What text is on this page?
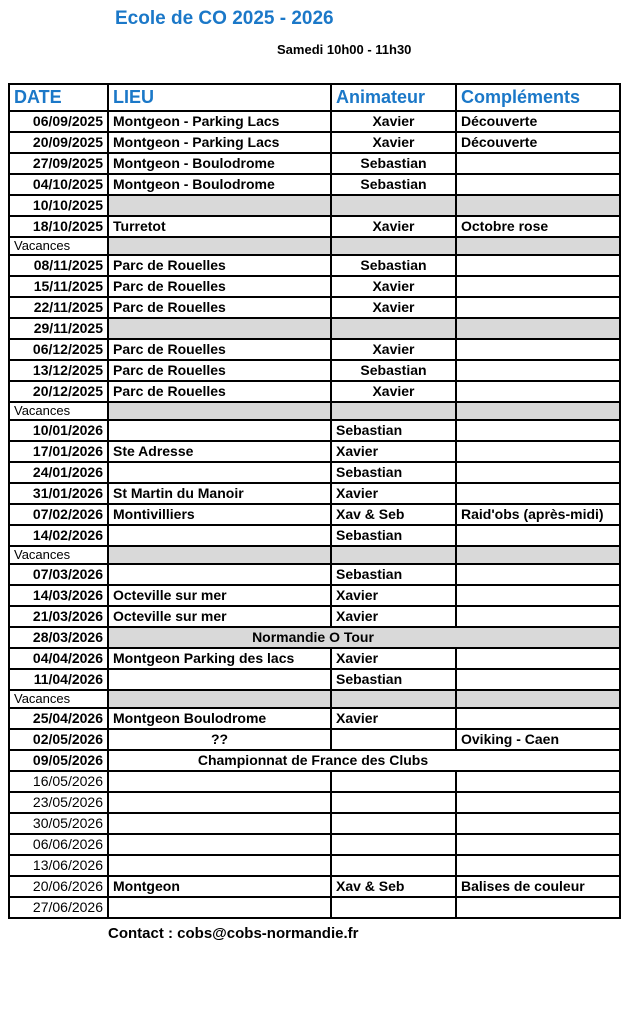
Ecole de CO 2025 - 2026
Samedi 10h00 - 11h30
DATE	LIEU	Animateur	Compléments
06/09/2025	Montgeon - Parking Lacs	Xavier	Découverte
20/09/2025	Montgeon - Parking Lacs	Xavier	Découverte
27/09/2025	Montgeon - Boulodrome	Sebastian	
04/10/2025	Montgeon - Boulodrome	Sebastian	
10/10/2025			
18/10/2025	Turretot	Xavier	Octobre rose
Vacances			
08/11/2025	Parc de Rouelles	Sebastian	
15/11/2025	Parc de Rouelles	Xavier	
22/11/2025	Parc de Rouelles	Xavier	
29/11/2025			
06/12/2025	Parc de Rouelles	Xavier	
13/12/2025	Parc de Rouelles	Sebastian	
20/12/2025	Parc de Rouelles	Xavier	
Vacances			
10/01/2026		Sebastian	
17/01/2026	Ste Adresse	Xavier	
24/01/2026		Sebastian	
31/01/2026	St Martin du Manoir	Xavier	
07/02/2026	Montivilliers	Xav & Seb	Raid'obs (après-midi)
14/02/2026		Sebastian	
Vacances			
07/03/2026		Sebastian	
14/03/2026	Octeville sur mer	Xavier	
21/03/2026	Octeville sur mer	Xavier	
28/03/2026	Normandie O Tour		
04/04/2026	Montgeon Parking des lacs	Xavier	
11/04/2026		Sebastian	
Vacances			
25/04/2026	Montgeon Boulodrome	Xavier	
02/05/2026	??		Oviking - Caen
09/05/2026	Championnat de France des Clubs		
16/05/2026			
23/05/2026			
30/05/2026			
06/06/2026			
13/06/2026			
20/06/2026	Montgeon	Xav & Seb	Balises de couleur
27/06/2026			
Contact : cobs@cobs-normandie.fr
